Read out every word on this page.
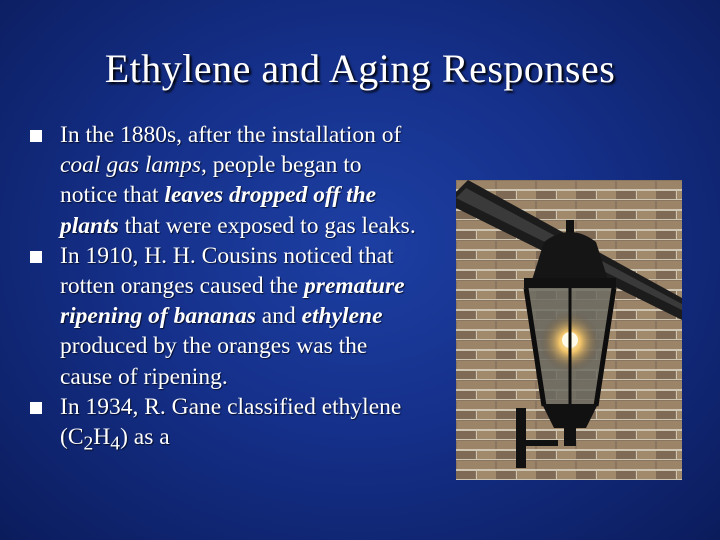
Ethylene and Aging Responses
In the 1880s, after the installation of coal gas lamps, people began to notice that leaves dropped off the plants that were exposed to gas leaks.
In 1910, H. H. Cousins noticed that rotten oranges caused the premature ripening of bananas and ethylene produced by the oranges was the cause of ripening.
In 1934, R. Gane classified ethylene $(C_2H_4)$ as a
